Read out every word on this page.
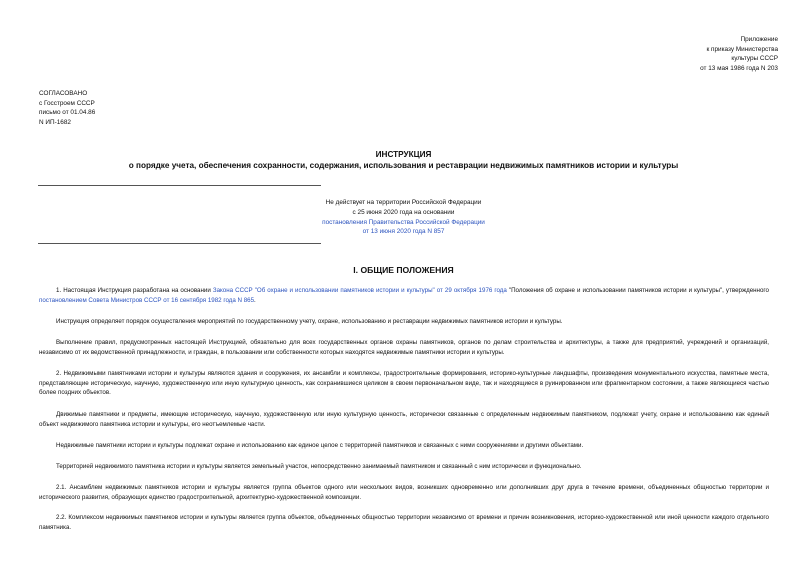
Приложение
к приказу Министерства
культуры СССР
от 13 мая 1986 года N 203
СОГЛАСОВАНО
с Госстроем СССР
письмо от 01.04.86
N ИП-1682
ИНСТРУКЦИЯ
о порядке учета, обеспечения сохранности, содержания, использования и реставрации недвижимых памятников истории и культуры
Не действует на территории Российской Федерации
с 25 июня 2020 года на основании
постановления Правительства Российской Федерации
от 13 июня 2020 года N 857
I. ОБЩИЕ ПОЛОЖЕНИЯ

1. Настоящая Инструкция разработана на основании Закона СССР "Об охране и использовании памятников истории и культуры" от 29 октября 1976 года "Положения об охране и использовании памятников истории и культуры", утвержденного постановлением Совета Министров СССР от 16 сентября 1982 года N 865.

Инструкция определяет порядок осуществления мероприятий по государственному учету, охране, использованию и реставрации недвижимых памятников истории и культуры.

Выполнение правил, предусмотренных настоящей Инструкцией, обязательно для всех государственных органов охраны памятников, органов по делам строительства и архитектуры, а также для предприятий, учреждений и организаций, независимо от их ведомственной принадлежности, и граждан, в пользовании или собственности которых находятся недвижимые памятники истории и культуры.

2. Недвижимыми памятниками истории и культуры являются здания и сооружения, их ансамбли и комплексы, градостроительные формирования, историко-культурные ландшафты, произведения монументального искусства, памятные места, представляющие историческую, научную, художественную или иную культурную ценность, как сохранившиеся целиком в своем первоначальном виде, так и находящиеся в руинированном или фрагментарном состоянии, а также являющиеся частью более поздних объектов.

Движимые памятники и предметы, имеющие историческую, научную, художественную или иную культурную ценность, исторически связанные с определенным недвижимым памятником, подлежат учету, охране и использованию как единый объект недвижимого памятника истории и культуры, его неотъемлемые части.

Недвижимые памятники истории и культуры подлежат охране и использованию как единое целое с территорией памятников и связанных с ними сооружениями и другими объектами.

Территорией недвижимого памятника истории и культуры является земельный участок, непосредственно занимаемый памятником и связанный с ним исторически и функционально.

2.1. Ансамблем недвижимых памятников истории и культуры является группа объектов одного или нескольких видов, возникших одновременно или дополнивших друг друга в течение времени, объединенных общностью территории и исторического развития, образующих единство градостроительной, архитектурно-художественной композиции.

2.2. Комплексом недвижимых памятников истории и культуры является группа объектов, объединенных общностью территории независимо от времени и причин возникновения, историко-художественной или иной ценности каждого отдельного памятника.
